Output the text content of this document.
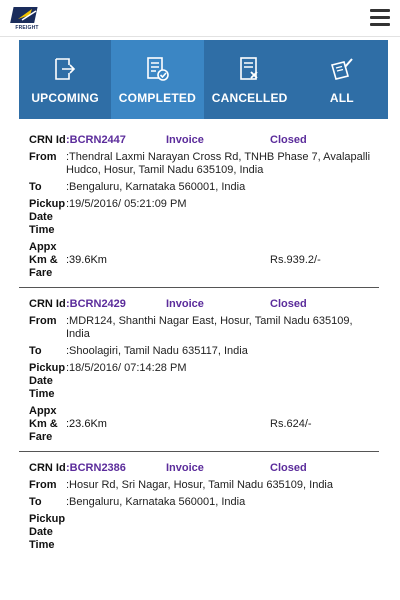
FREIGHT
UPCOMING COMPLETED CANCELLED	ALL
CRN Id :BCRN2447	Invoice	Closed
From :Thendral Laxmi Narayan Cross Rd, TNHB Phase 7, Avalapalli Hudco, Hosur, Tamil Nadu 635109, India
To	:Bengaluru, Karnataka 560001, India
Pickup Date Time
:19/5/2016/ 05:21:09 PM
Appx Km & Fare
:39.6Km	Rs.939.2/-
CRN Id :BCRN2429	Invoice	Closed
From :MDR124, Shanthi Nagar East, Hosur, Tamil Nadu 635109, India
To	:Shoolagiri, Tamil Nadu 635117, India
Pickup Date Time
:18/5/2016/ 07:14:28 PM
Appx Km & Fare
:23.6Km	Rs.624/-
CRN Id :BCRN2386	Invoice	Closed
From :Hosur Rd, Sri Nagar, Hosur, Tamil Nadu 635109, India
To	:Bengaluru, Karnataka 560001, India
Pickup Date Time
